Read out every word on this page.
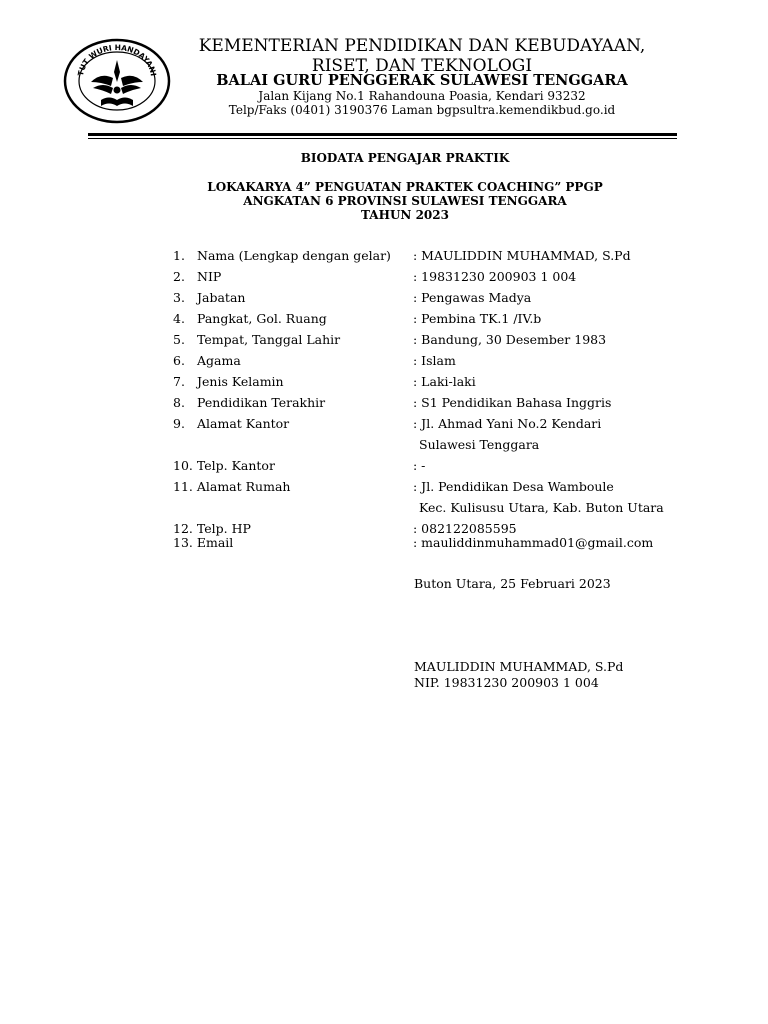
TUT WURI HANDAYANI
KEMENTERIAN PENDIDIKAN DAN KEBUDAYAAN,
RISET, DAN TEKNOLOGI
BALAI GURU PENGGERAK SULAWESI TENGGARA
Jalan Kijang No.1 Rahandouna Poasia, Kendari 93232
Telp/Faks (0401) 3190376 Laman bgpsultra.kemendikbud.go.id
BIODATA PENGAJAR PRAKTIK
LOKAKARYA 4” PENGUATAN PRAKTEK COACHING” PPGP
ANGKATAN 6 PROVINSI SULAWESI TENGGARA
TAHUN 2023
1. Nama (Lengkap dengan gelar) : MAULIDDIN MUHAMMAD, S.Pd
2. NIP	: 19831230 200903 1 004
3. Jabatan	: Pengawas Madya
4. Pangkat, Gol. Ruang	: Pembina TK.1 /IV.b
5. Tempat, Tanggal Lahir	: Bandung, 30 Desember 1983
6. Agama	: Islam
7. Jenis Kelamin	: Laki-laki
8. Pendidikan Terakhir	: S1 Pendidikan Bahasa Inggris
9. Alamat Kantor	: Jl. Ahmad Yani No.2 Kendari
Sulawesi Tenggara
10. Telp. Kantor	: -
11. Alamat Rumah	: Jl. Pendidikan Desa Wamboule
Kec. Kulisusu Utara, Kab. Buton Utara
12. Telp. HP	: 082122085595
13. Email	: mauliddinmuhammad01@gmail.com
Buton Utara, 25 Februari 2023
MAULIDDIN MUHAMMAD, S.Pd
NIP. 19831230 200903 1 004
